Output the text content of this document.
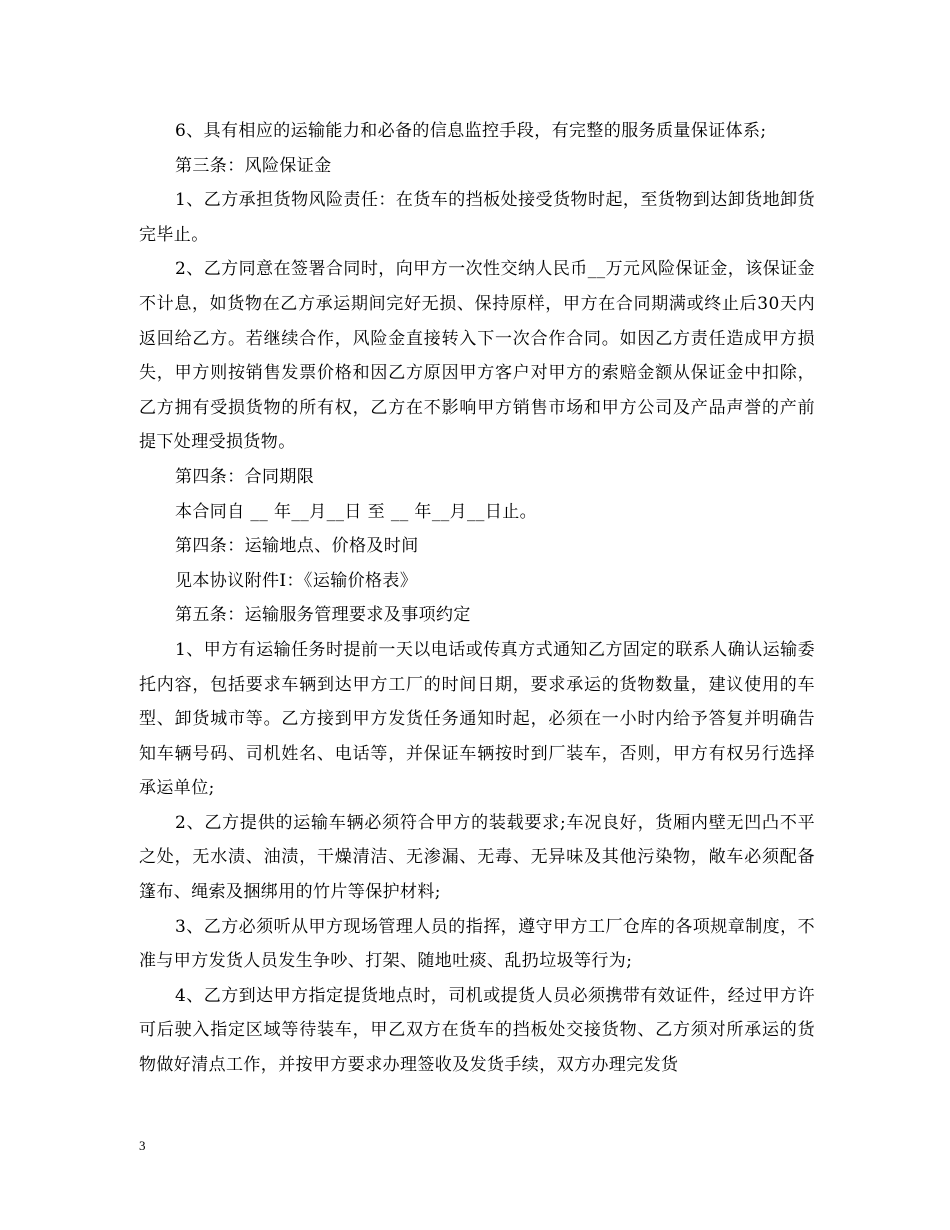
6、具有相应的运输能力和必备的信息监控手段，有完整的服务质量保证体系;

第三条：风险保证金

1、乙方承担货物风险责任：在货车的挡板处接受货物时起，至货物到达卸货地卸货完毕止。

2、乙方同意在签署合同时，向甲方一次性交纳人民币__万元风险保证金，该保证金不计息，如货物在乙方承运期间完好无损、保持原样，甲方在合同期满或终止后30天内返回给乙方。若继续合作，风险金直接转入下一次合作合同。如因乙方责任造成甲方损失，甲方则按销售发票价格和因乙方原因甲方客户对甲方的索赔金额从保证金中扣除，乙方拥有受损货物的所有权，乙方在不影响甲方销售市场和甲方公司及产品声誉的产前提下处理受损货物。

第四条：合同期限

本合同自 __ 年__月__日 至 __ 年__月__日止。

第四条：运输地点、价格及时间

见本协议附件I：《运输价格表》

第五条：运输服务管理要求及事项约定

1、甲方有运输任务时提前一天以电话或传真方式通知乙方固定的联系人确认运输委托内容，包括要求车辆到达甲方工厂的时间日期，要求承运的货物数量，建议使用的车型、卸货城市等。乙方接到甲方发货任务通知时起，必须在一小时内给予答复并明确告知车辆号码、司机姓名、电话等，并保证车辆按时到厂装车，否则，甲方有权另行选择承运单位;

2、乙方提供的运输车辆必须符合甲方的装载要求;车况良好，货厢内壁无凹凸不平之处，无水渍、油渍，干燥清洁、无渗漏、无毒、无异味及其他污染物，敞车必须配备篷布、绳索及捆绑用的竹片等保护材料;

3、乙方必须听从甲方现场管理人员的指挥，遵守甲方工厂仓库的各项规章制度，不准与甲方发货人员发生争吵、打架、随地吐痰、乱扔垃圾等行为;

4、乙方到达甲方指定提货地点时，司机或提货人员必须携带有效证件，经过甲方许可后驶入指定区域等待装车，甲乙双方在货车的挡板处交接货物、乙方须对所承运的货物做好清点工作，并按甲方要求办理签收及发货手续，双方办理完发货

3
